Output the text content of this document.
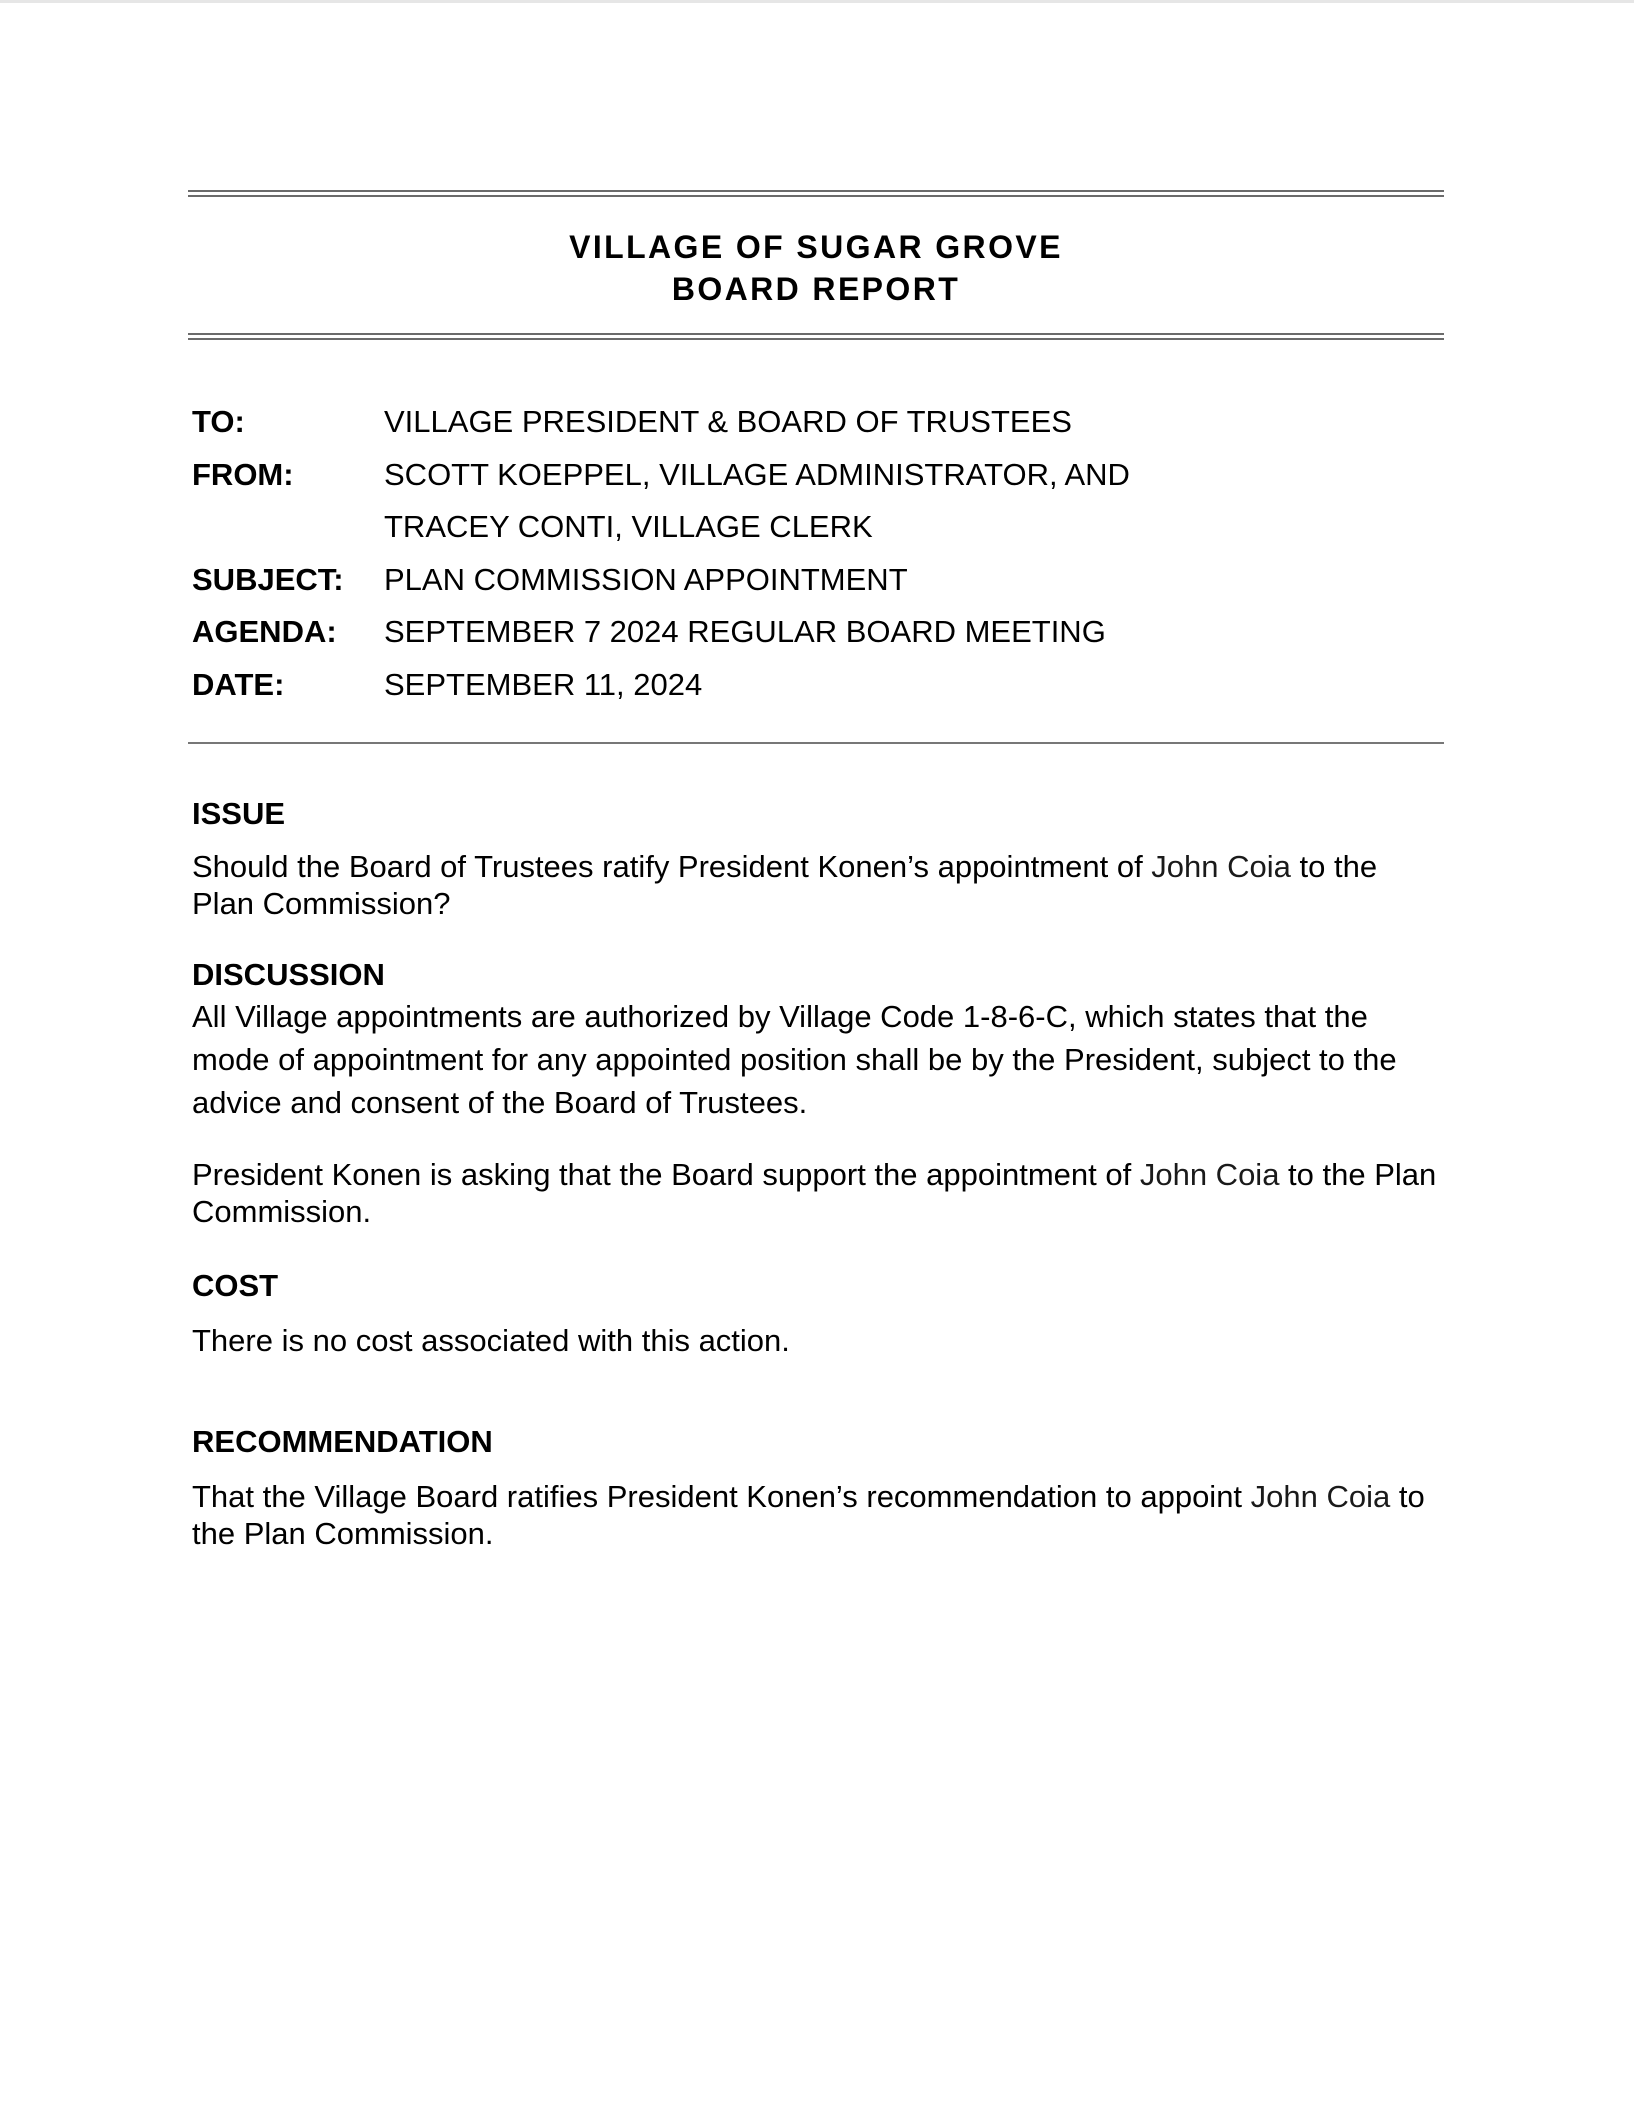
VILLAGE OF SUGAR GROVE
BOARD REPORT
TO:	VILLAGE PRESIDENT & BOARD OF TRUSTEES
FROM:	SCOTT KOEPPEL, VILLAGE ADMINISTRATOR, AND
TRACEY CONTI, VILLAGE CLERK
SUBJECT:	PLAN COMMISSION APPOINTMENT
AGENDA:	SEPTEMBER 7 2024 REGULAR BOARD MEETING
DATE:	SEPTEMBER 11, 2024
ISSUE
Should the Board of Trustees ratify President Konen’s appointment of John Coia to the Plan Commission?
DISCUSSION
All Village appointments are authorized by Village Code 1-8-6-C, which states that the mode of appointment for any appointed position shall be by the President, subject to the advice and consent of the Board of Trustees.
President Konen is asking that the Board support the appointment of John Coia to the Plan Commission.
COST
There is no cost associated with this action.
RECOMMENDATION
That the Village Board ratifies President Konen’s recommendation to appoint John Coia to the Plan Commission.
